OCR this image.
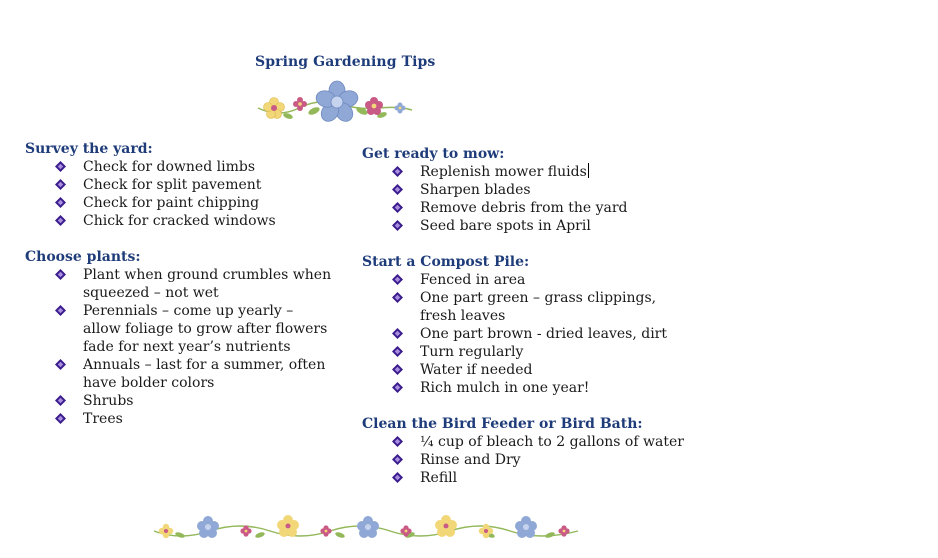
Spring Gardening Tips
Survey the yard:
Check for downed limbs
Check for split pavement
Check for paint chipping
Chick for cracked windows
Choose plants:
Plant when ground crumbles when squeezed – not wet
Perennials – come up yearly – allow foliage to grow after flowers fade for next year’s nutrients
Annuals – last for a summer, often have bolder colors
Shrubs
Trees
Get ready to mow:
Replenish mower fluids
Sharpen blades
Remove debris from the yard
Seed bare spots in April
Start a Compost Pile:
Fenced in area
One part green – grass clippings, fresh leaves
One part brown - dried leaves, dirt
Turn regularly
Water if needed
Rich mulch in one year!
Clean the Bird Feeder or Bird Bath:
¼ cup of bleach to 2 gallons of water
Rinse and Dry
Refill
